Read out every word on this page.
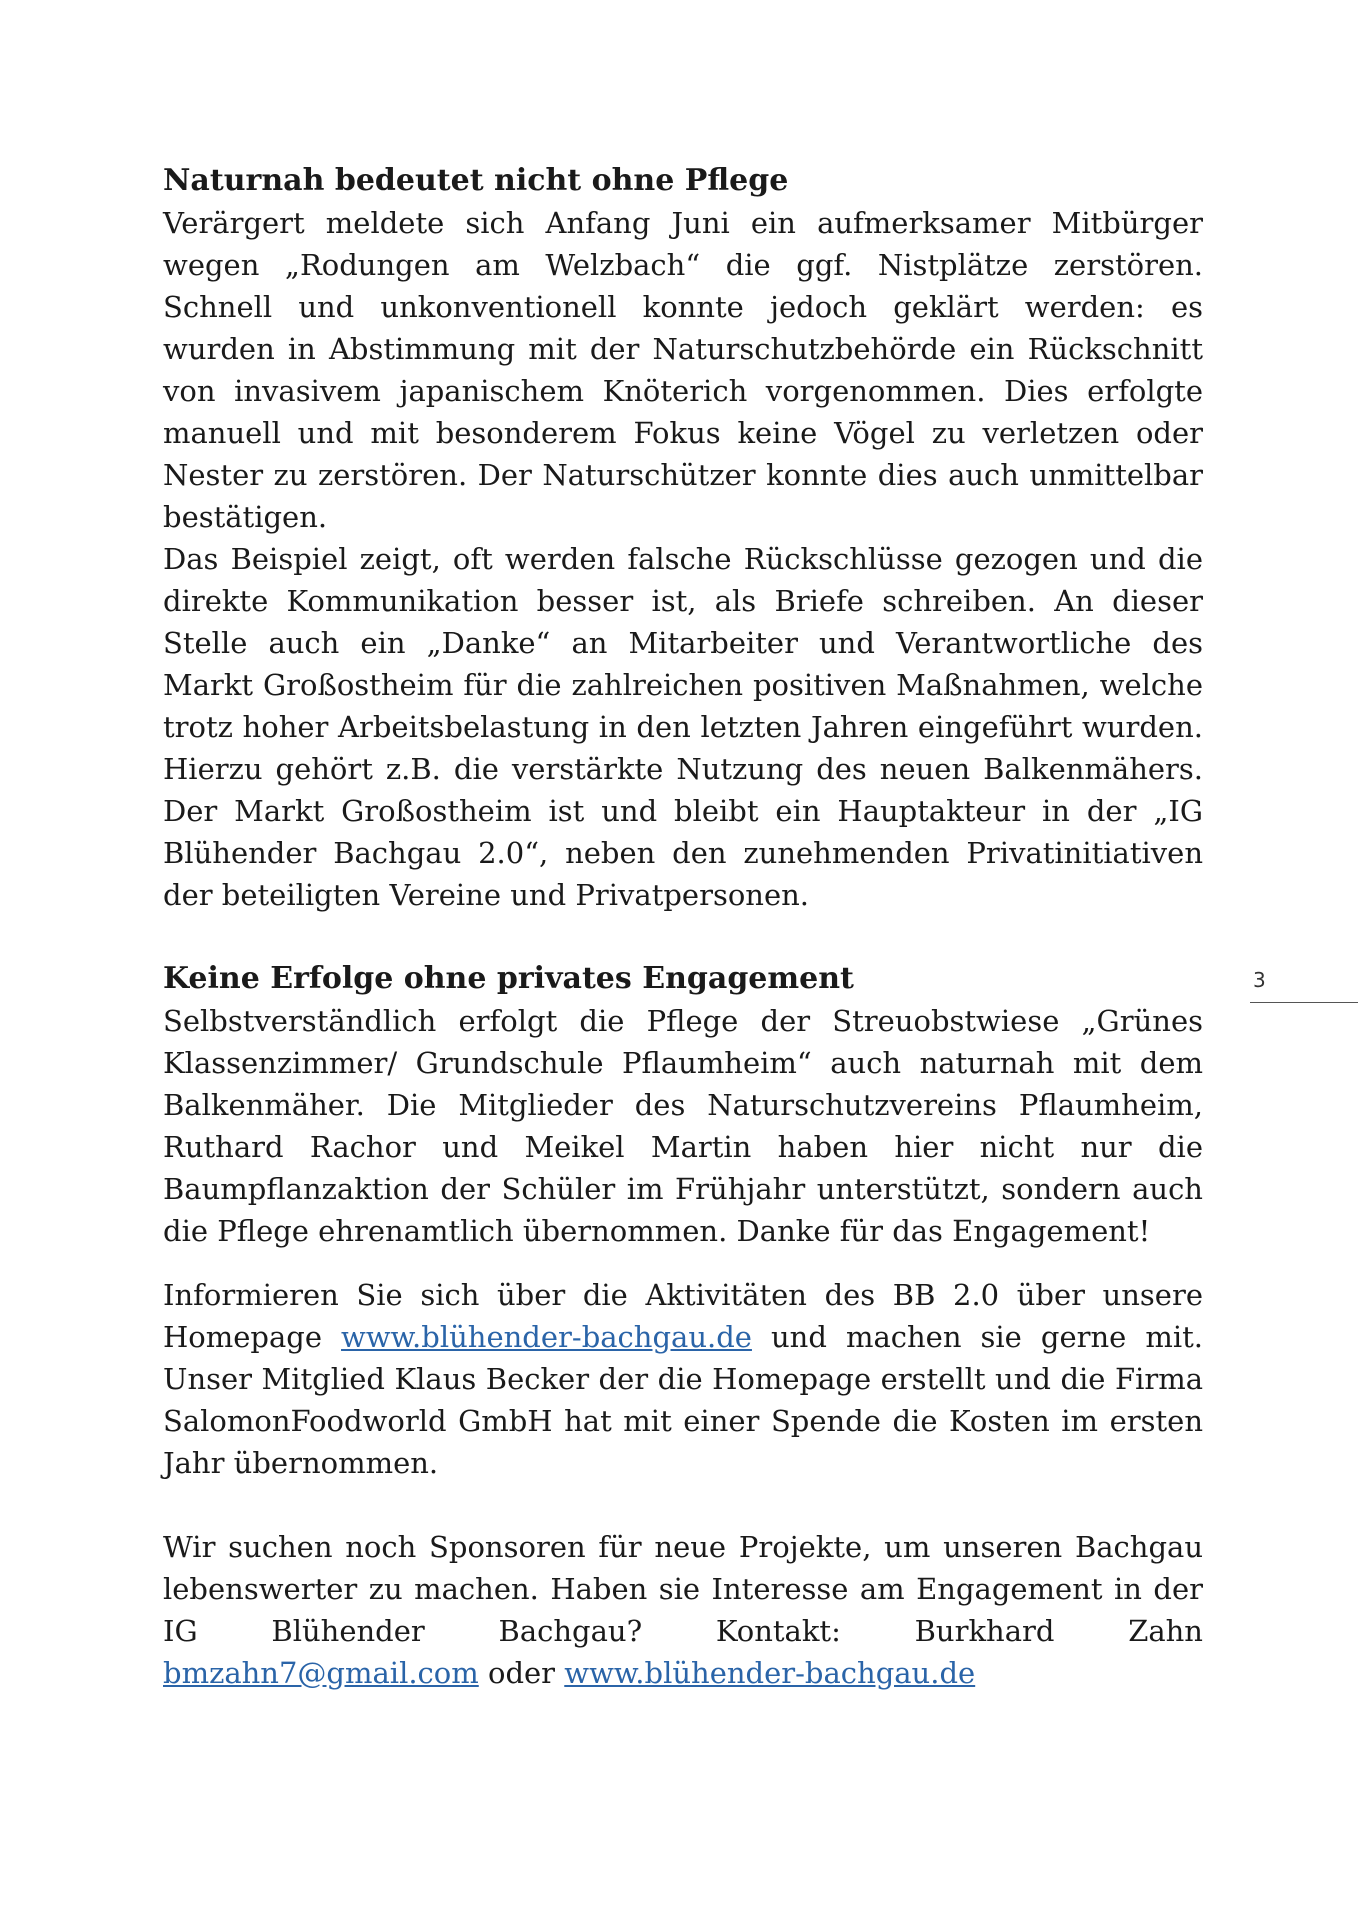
Naturnah bedeutet nicht ohne Pflege

Verärgert meldete sich Anfang Juni ein aufmerksamer Mitbürger wegen „Rodungen am Welzbach“ die ggf. Nistplätze zerstören. Schnell und unkonventionell konnte jedoch geklärt werden: es wurden in Abstimmung mit der Naturschutzbehörde ein Rückschnitt von invasivem japanischem Knöterich vorgenommen. Dies erfolgte manuell und mit besonderem Fokus keine Vögel zu verletzen oder Nester zu zerstören. Der Naturschützer konnte dies auch unmittelbar bestätigen.

Das Beispiel zeigt, oft werden falsche Rückschlüsse gezogen und die direkte Kommunikation besser ist, als Briefe schreiben. An dieser Stelle auch ein „Danke“ an Mitarbeiter und Verantwortliche des Markt Großostheim für die zahlreichen positiven Maßnahmen, welche trotz hoher Arbeitsbelastung in den letzten Jahren eingeführt wurden. Hierzu gehört z.B. die verstärkte Nutzung des neuen Balkenmähers. Der Markt Großostheim ist und bleibt ein Hauptakteur in der „IG Blühender Bachgau 2.0“, neben den zunehmenden Privatinitiativen der beteiligten Vereine und Privatpersonen.

Keine Erfolge ohne privates Engagement

Selbstverständlich erfolgt die Pflege der Streuobstwiese „Grünes Klassenzimmer/ Grundschule Pflaumheim“ auch naturnah mit dem Balkenmäher. Die Mitglieder des Naturschutzvereins Pflaumheim, Ruthard Rachor und Meikel Martin haben hier nicht nur die Baumpflanzaktion der Schüler im Frühjahr unterstützt, sondern auch die Pflege ehrenamtlich übernommen. Danke für das Engagement!

Informieren Sie sich über die Aktivitäten des BB 2.0 über unsere Homepage www.blühender-bachgau.de und machen sie gerne mit. Unser Mitglied Klaus Becker der die Homepage erstellt und die Firma SalomonFoodworld GmbH hat mit einer Spende die Kosten im ersten Jahr übernommen.

Wir suchen noch Sponsoren für neue Projekte, um unseren Bachgau lebenswerter zu machen. Haben sie Interesse am Engagement in der IG Blühender Bachgau? Kontakt: Burkhard Zahn bmzahn7@gmail.com oder www.blühender-bachgau.de

3
